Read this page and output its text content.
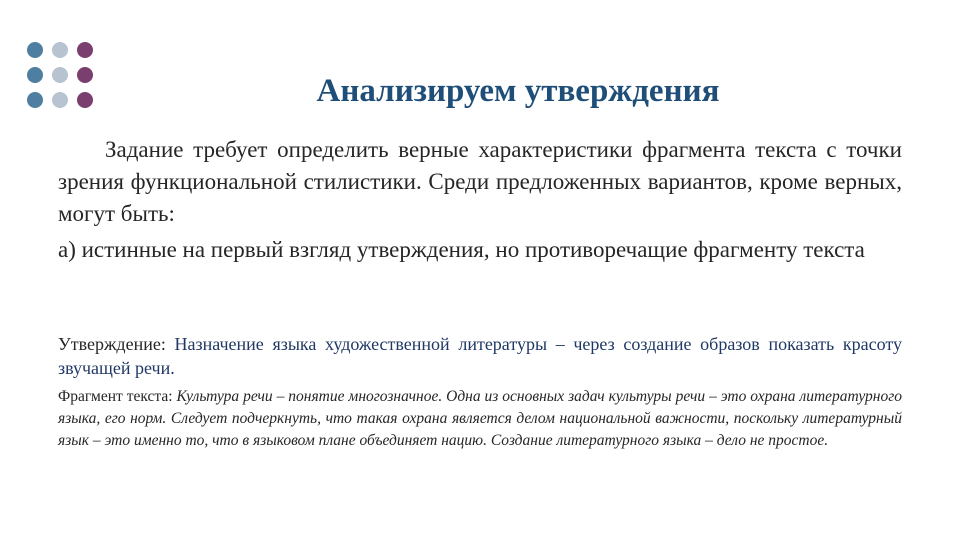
Анализируем утверждения

Задание требует определить верные характеристики фрагмента текста с точки зрения функциональной стилистики. Среди предложенных вариантов, кроме верных, могут быть:

а) истинные на первый взгляд утверждения, но противоречащие фрагменту текста

Утверждение: Назначение языка художественной литературы – через создание образов показать красоту звучащей речи.

Фрагмент текста: Культура речи – понятие многозначное. Одна из основных задач культуры речи – это охрана литературного языка, его норм. Следует подчеркнуть, что такая охрана является делом национальной важности, поскольку литературный язык – это именно то, что в языковом плане объединяет нацию. Создание литературного языка – дело не простое.
